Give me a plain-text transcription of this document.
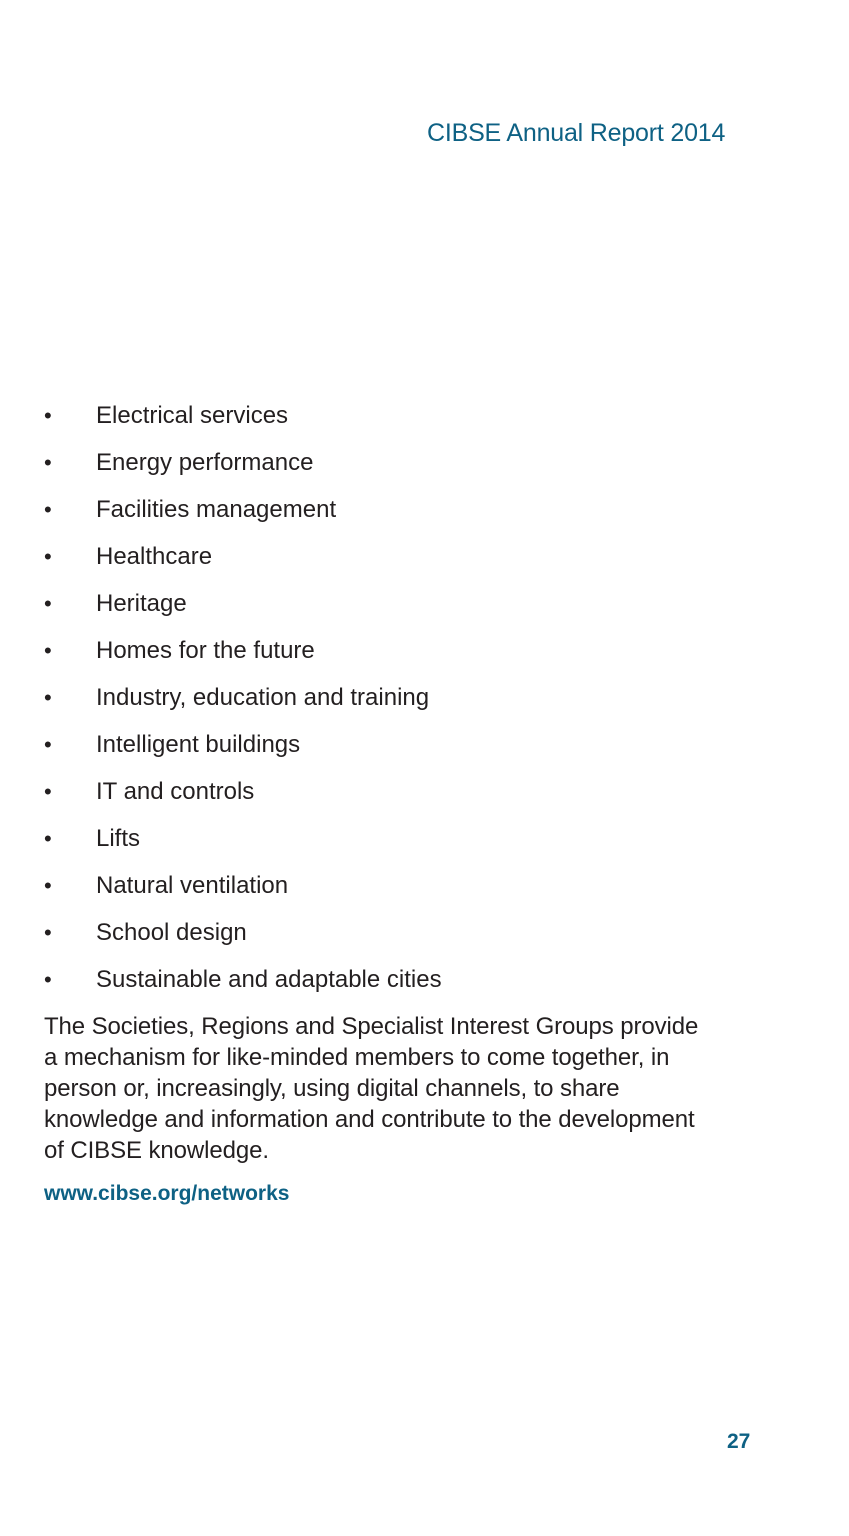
CIBSE Annual Report 2014
•	Electrical services
•	Energy performance
•	Facilities management
•	Healthcare
•	Heritage
•	Homes for the future
•	Industry, education and training
•	Intelligent buildings
•	IT and controls
•	Lifts
•	Natural ventilation
•	School design
•	Sustainable and adaptable cities

The Societies, Regions and Specialist Interest Groups provide a mechanism for like-minded members to come together, in person or, increasingly, using digital channels, to share knowledge and information and contribute to the development of CIBSE knowledge.

www.cibse.org/networks
27
